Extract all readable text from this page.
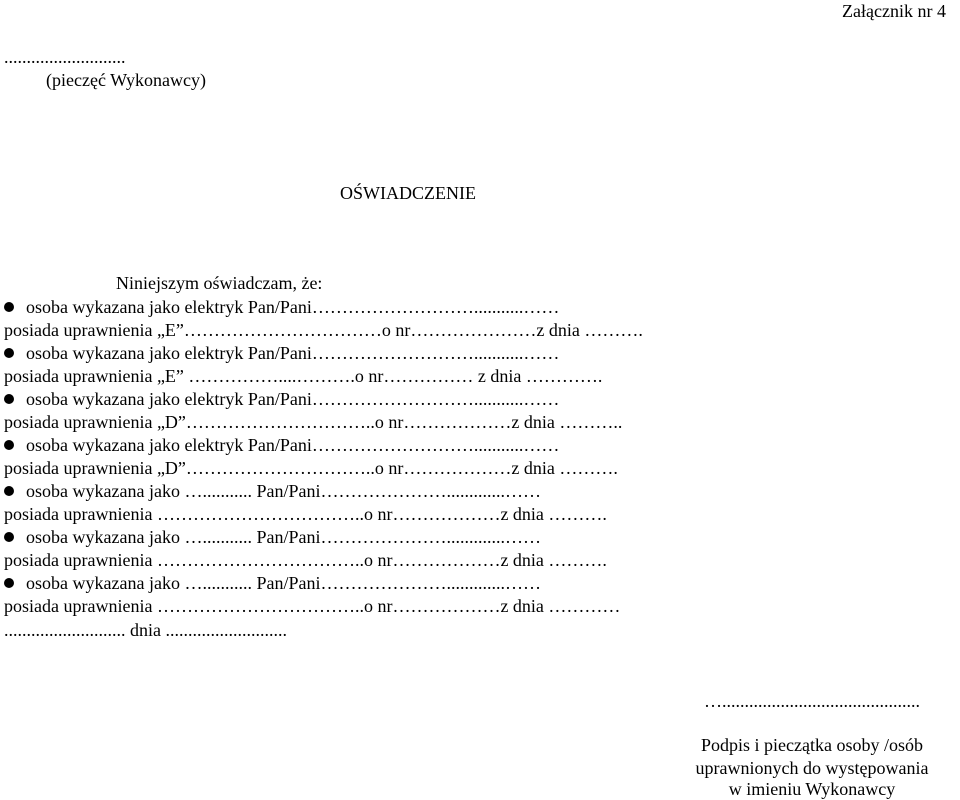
Załącznik nr 4
...........................
(pieczęć Wykonawcy)
OŚWIADCZENIE
Niniejszym oświadczam, że:
osoba wykazana jako elektryk Pan/Pani………………………...........……
posiada uprawnienia „E”……………………………o nr…………………z dnia ……….
osoba wykazana jako elektryk Pan/Pani………………………...........……
posiada uprawnienia „E” ……………....……….o nr…………… z dnia ………….
osoba wykazana jako elektryk Pan/Pani………………………...........……
posiada uprawnienia „D”…………………………..o nr………………z dnia ………..
osoba wykazana jako elektryk Pan/Pani………………………...........……
posiada uprawnienia „D”…………………………..o nr………………z dnia ……….
osoba wykazana jako …........... Pan/Pani………………….............……
posiada uprawnienia ……………………………..o nr………………z dnia ……….
osoba wykazana jako …........... Pan/Pani………………….............……
posiada uprawnienia ……………………………..o nr………………z dnia ……….
osoba wykazana jako …........... Pan/Pani………………….............……
posiada uprawnienia ……………………………..o nr………………z dnia …………
........................... dnia ...........................
…............................................
Podpis i pieczątka osoby /osób
uprawnionych do występowania
w imieniu Wykonawcy
